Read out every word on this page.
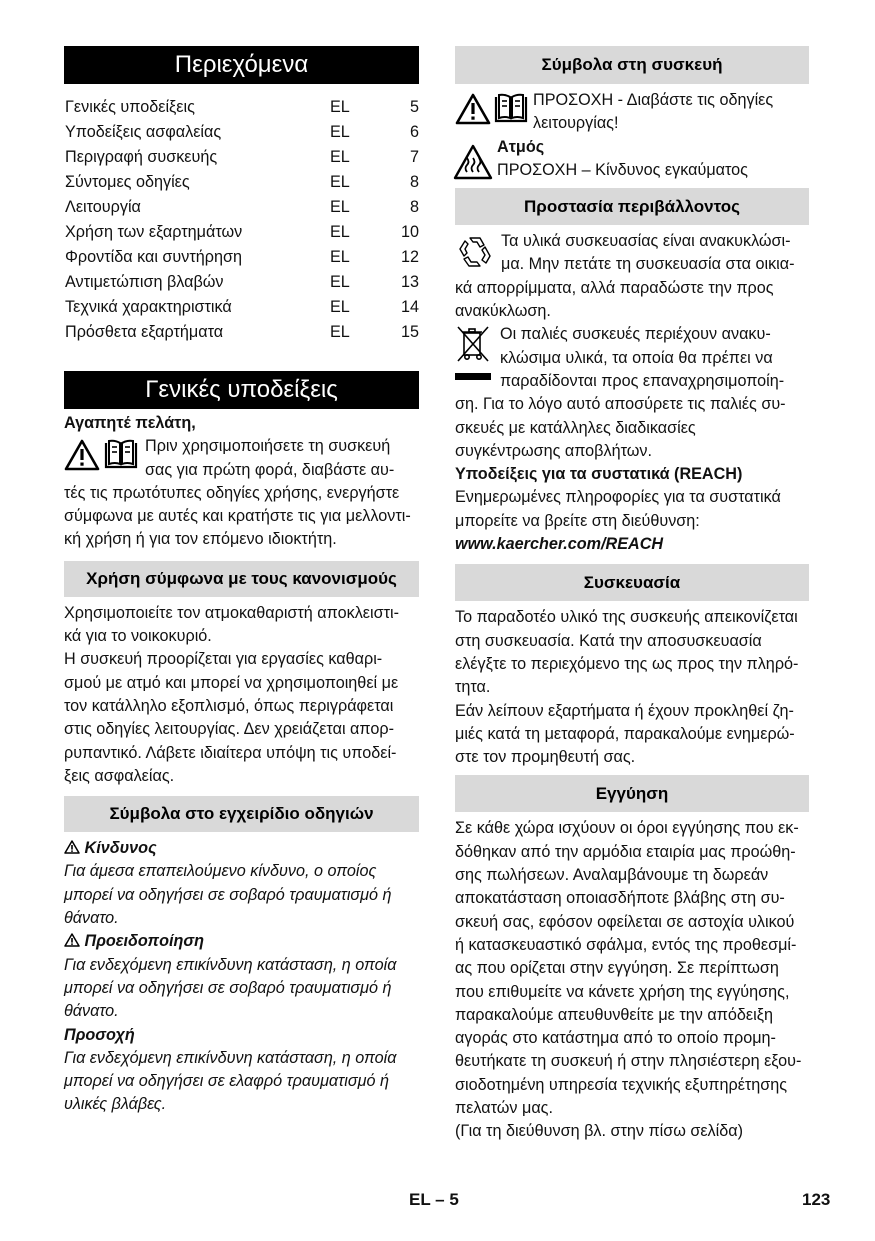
Περιεχόμενα
Γενικές υποδείξεις	EL	5
Υποδείξεις ασφαλείας	EL	6
Περιγραφή συσκευής	EL	7
Σύντομες οδηγίες	EL	8
Λειτουργία	EL	8
Χρήση των εξαρτημάτων	EL	10
Φροντίδα και συντήρηση	EL	12
Αντιμετώπιση βλαβών	EL	13
Τεχνικά χαρακτηριστικά	EL	14
Πρόσθετα εξαρτήματα	EL	15
Γενικές υποδείξεις

Αγαπητέ πελάτη,

Πριν χρησιμοποιήσετε τη συσκευή

σας για πρώτη φορά, διαβάστε αυ-

τές τις πρωτότυπες οδηγίες χρήσης, ενεργήστε

σύμφωνα με αυτές και κρατήστε τις για μελλοντι-

κή χρήση ή για τον επόμενο ιδιοκτήτη.

Χρήση σύμφωνα με τους κανονισμούς

Χρησιμοποιείτε τον ατμοκαθαριστή αποκλειστι-

κά για το νοικοκυριό.

Η συσκευή προορίζεται για εργασίες καθαρι-

σμού με ατμό και μπορεί να χρησιμοποιηθεί με

τον κατάλληλο εξοπλισμό, όπως περιγράφεται

στις οδηγίες λειτουργίας. Δεν χρειάζεται απορ-

ρυπαντικό. Λάβετε ιδιαίτερα υπόψη τις υποδεί-

ξεις ασφαλείας.

Σύμβολα στο εγχειρίδιο οδηγιών

Κίνδυνος

Για άμεσα επαπειλούμενο κίνδυνο, ο οποίος

μπορεί να οδηγήσει σε σοβαρό τραυματισμό ή

θάνατο.

Προειδοποίηση

Για ενδεχόμενη επικίνδυνη κατάσταση, η οποία

μπορεί να οδηγήσει σε σοβαρό τραυματισμό ή

θάνατο.

Προσοχή

Για ενδεχόμενη επικίνδυνη κατάσταση, η οποία

μπορεί να οδηγήσει σε ελαφρό τραυματισμό ή

υλικές βλάβες.

Σύμβολα στη συσκευή

ΠΡΟΣΟΧΗ - Διαβάστε τις οδηγίες

λειτουργίας!

Ατμός

ΠΡΟΣΟΧΗ – Κίνδυνος εγκαύματος

Προστασία περιβάλλοντος

Τα υλικά συσκευασίας είναι ανακυκλώσι-

μα. Μην πετάτε τη συσκευασία στα οικια-

κά απορρίμματα, αλλά παραδώστε την προς

ανακύκλωση.

Οι παλιές συσκευές περιέχουν ανακυ-

κλώσιμα υλικά, τα οποία θα πρέπει να

παραδίδονται προς επαναχρησιμοποίη-

ση. Για το λόγο αυτό αποσύρετε τις παλιές συ-

σκευές με κατάλληλες διαδικασίες

συγκέντρωσης αποβλήτων.

Υποδείξεις για τα συστατικά (REACH)

Ενημερωμένες πληροφορίες για τα συστατικά

μπορείτε να βρείτε στη διεύθυνση:

www.kaercher.com/REACH

Συσκευασία

Το παραδοτέο υλικό της συσκευής απεικονίζεται

στη συσκευασία. Κατά την αποσυσκευασία

ελέγξτε το περιεχόμενο της ως προς την πληρό-

τητα.

Εάν λείπουν εξαρτήματα ή έχουν προκληθεί ζη-

μιές κατά τη μεταφορά, παρακαλούμε ενημερώ-

στε τον προμηθευτή σας.

Εγγύηση

Σε κάθε χώρα ισχύουν οι όροι εγγύησης που εκ-

δόθηκαν από την αρμόδια εταιρία μας προώθη-

σης πωλήσεων. Αναλαμβάνουμε τη δωρεάν

αποκατάσταση οποιασδήποτε βλάβης στη συ-

σκευή σας, εφόσον οφείλεται σε αστοχία υλικού

ή κατασκευαστικό σφάλμα, εντός της προθεσμί-

ας που ορίζεται στην εγγύηση. Σε περίπτωση

που επιθυμείτε να κάνετε χρήση της εγγύησης,

παρακαλούμε απευθυνθείτε με την απόδειξη

αγοράς στο κατάστημα από το οποίο προμη-

θευτήκατε τη συσκευή ή στην πλησιέστερη εξου-

σιοδοτημένη υπηρεσία τεχνικής εξυπηρέτησης

πελατών μας.

(Για τη διεύθυνση βλ. στην πίσω σελίδα)

EL – 5	123
